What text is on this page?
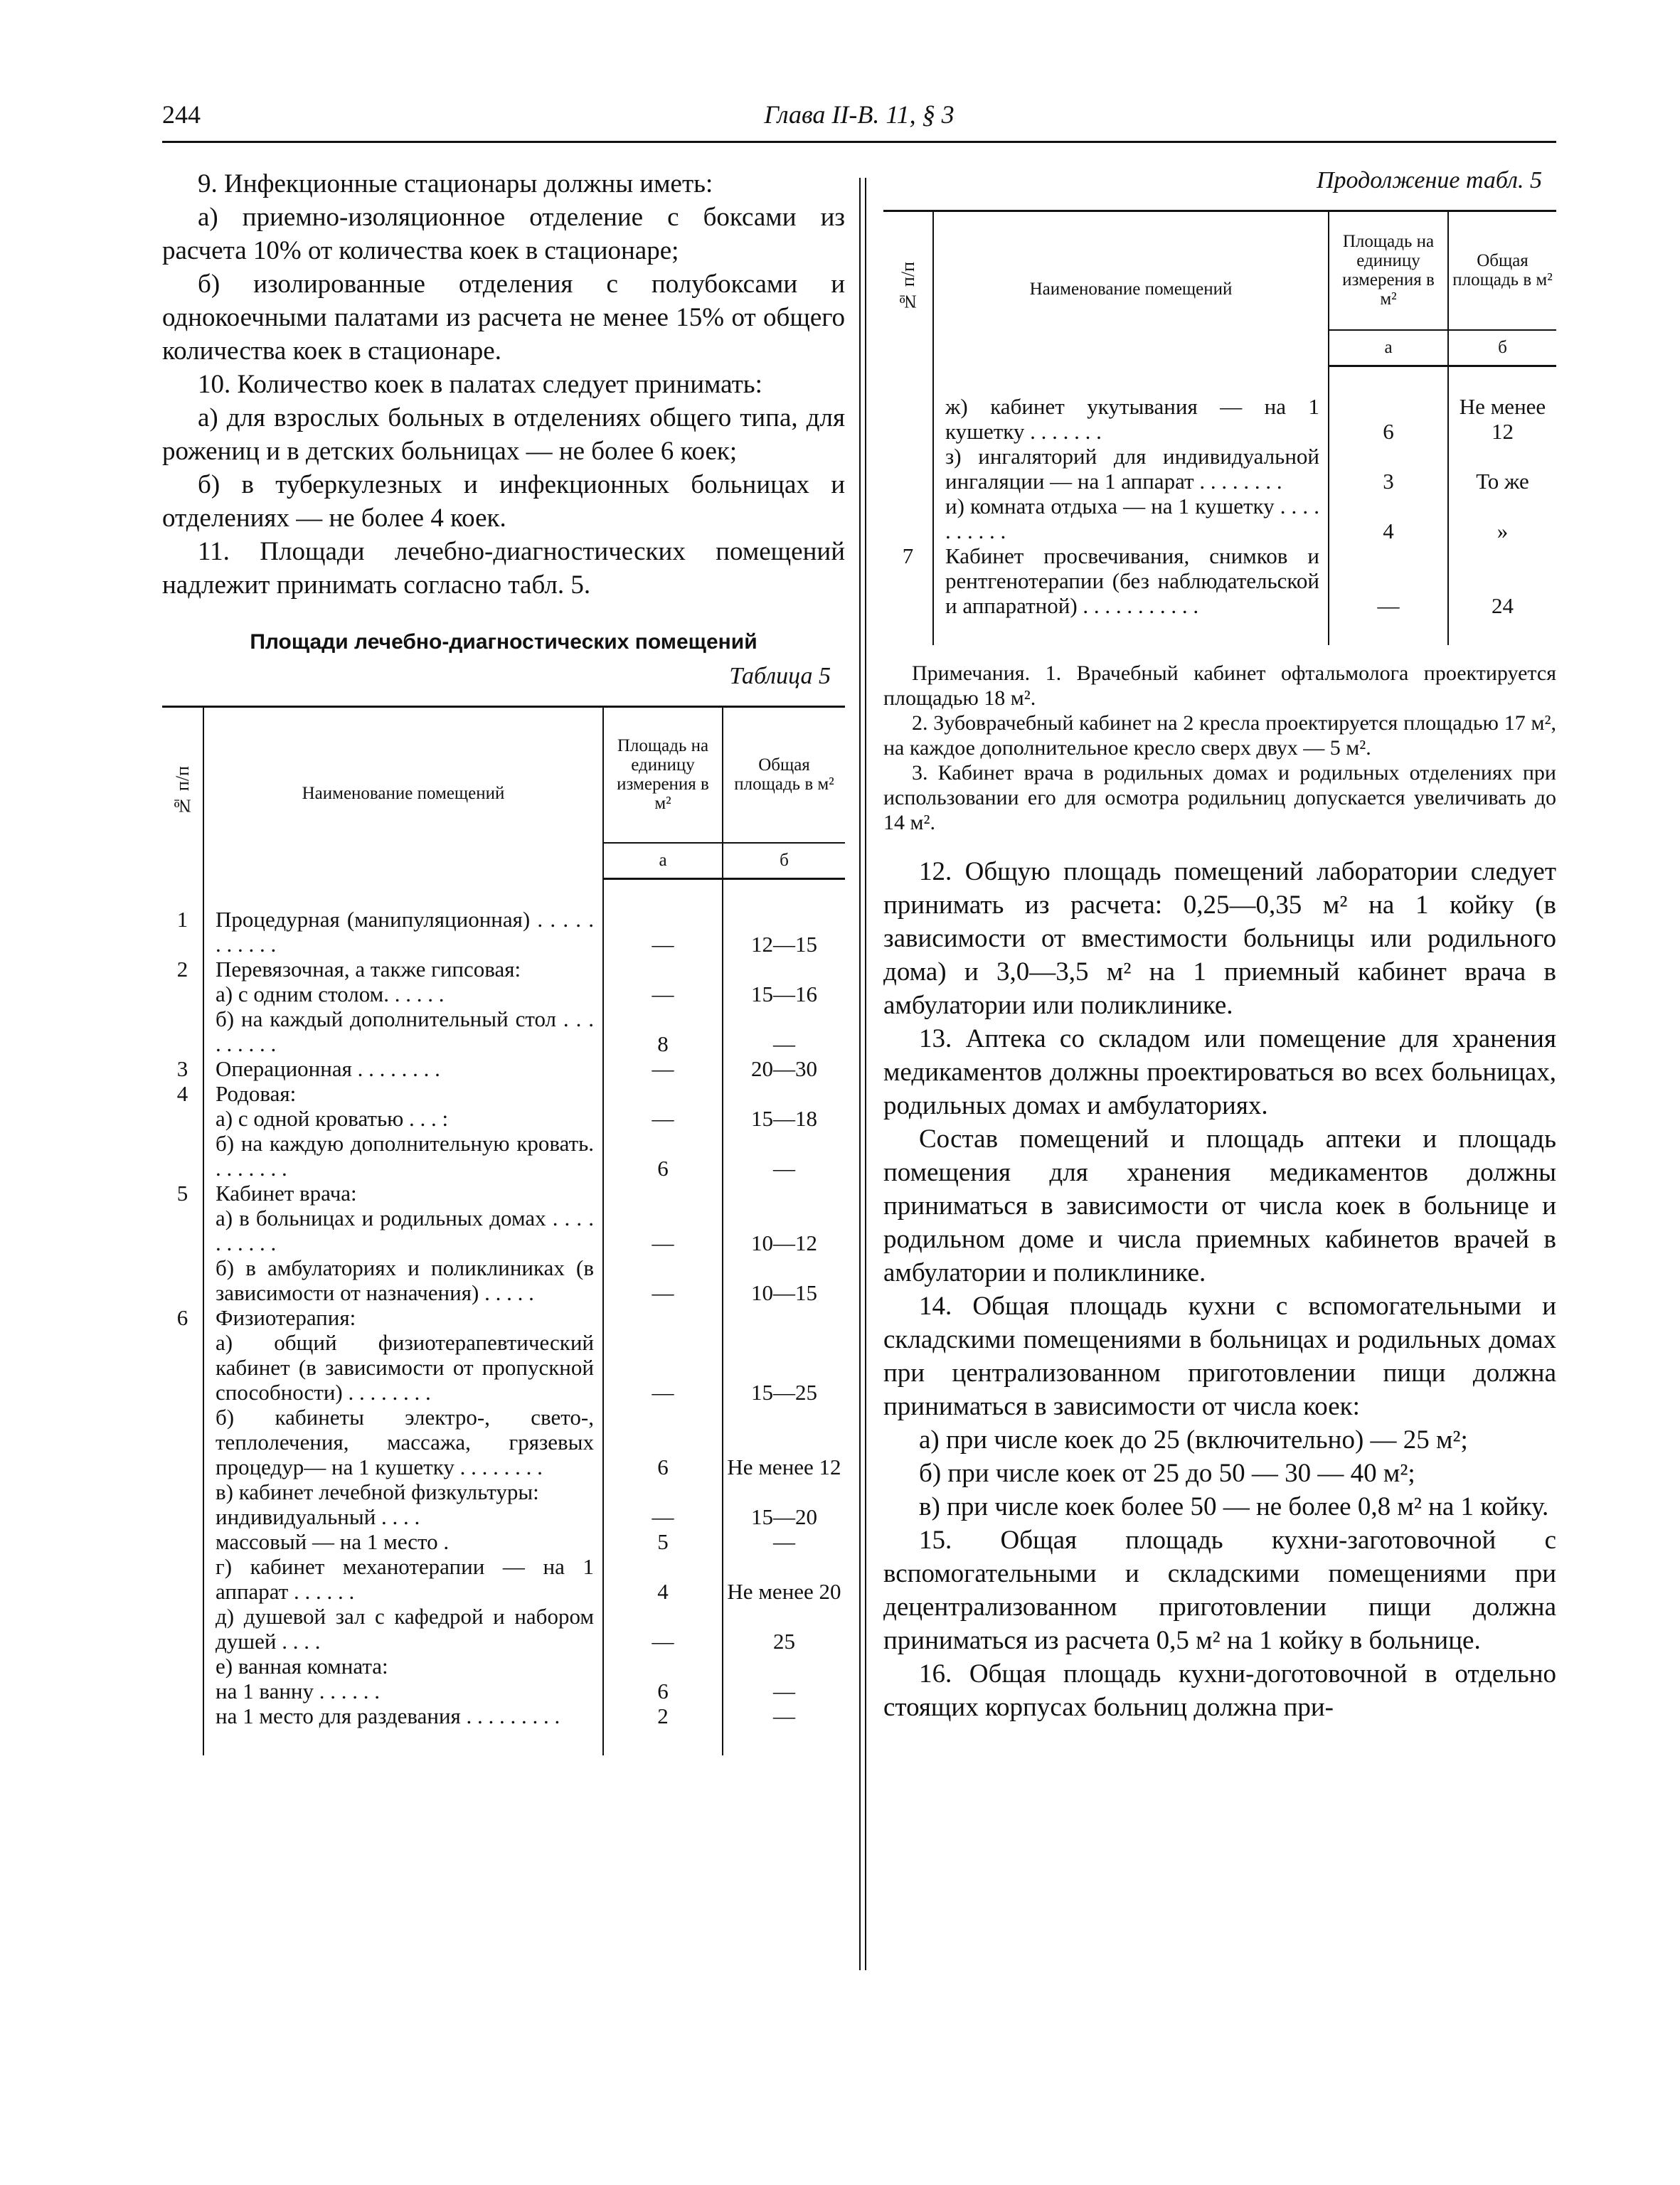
244	Глава II-В. 11, § 3

9. Инфекционные стационары должны иметь:

а) приемно-изоляционное отделение с боксами из расчета 10% от количества коек в стационаре;

б) изолированные отделения с полубоксами и однокоечными палатами из расчета не менее 15% от общего количества коек в стационаре.

10. Количество коек в палатах следует принимать:

а) для взрослых больных в отделениях общего типа, для рожениц и в детских больницах — не более 6 коек;

б) в туберкулезных и инфекционных больницах и отделениях — не более 4 коек.

11. Площади лечебно-диагностических помещений надлежит принимать согласно табл. 5.

Площади лечебно-диагностических помещений
Таблица 5
№ п/п	Наименование помещений	Площадь на единицу измерения в м²	Общая площадь в м²
		а	б

1	Процедурная (манипуляционная) . . . . . . . . . . .	—	12—15
2	Перевязочная, а также гипсовая:		
	а) с одним столом. . . . . .	—	15—16
	б) на каждый дополнительный стол . . . . . . . . .	8	—
3	Операционная . . . . . . . .	—	20—30
4	Родовая:		
	а) с одной кроватью . . . :	—	15—18
	б) на каждую дополнительную кровать. . . . . . . .	6	—
5	Кабинет врача:		
	а) в больницах и родильных домах . . . . . . . . . .	—	10—12
	б) в амбулаториях и поликлиниках (в зависимости от назначения) . . . . .	—	10—15
6	Физиотерапия:		
	а) общий физиотерапевтический кабинет (в зависимости от пропускной способности) . . . . . . . .	—	15—25
	б) кабинеты электро-, свето-, теплолечения, массажа, грязевых процедур— на 1 кушетку . . . . . . . .	6	Не менее 12
	в) кабинет лечебной физкультуры:		
	индивидуальный . . . .	—	15—20
	массовый — на 1 место .	5	—
	г) кабинет механотерапии — на 1 аппарат . . . . . .	4	Не менее 20
	д) душевой зал с кафедрой и набором душей . . . .	—	25
	е) ванная комната:		
	на 1 ванну . . . . . .	6	—
	на 1 место для раздевания . . . . . . . . .	2	—

Продолжение табл. 5
№ п/п	Наименование помещений	Площадь на единицу измерения в м²	Общая площадь в м²
		а	б

	ж) кабинет укутывания — на 1 кушетку . . . . . . .	6	Не менее 12
	з) ингаляторий для индивидуальной ингаляции — на 1 аппарат . . . . . . . .	3	То же
	и) комната отдыха — на 1 кушетку . . . . . . . . . .	4	»
7	Кабинет просвечивания, снимков и рентгенотерапии (без наблюдательской и аппаратной) . . . . . . . . . . .	—	24

Примечания. 1. Врачебный кабинет офтальмолога проектируется площадью 18 м².
2. Зубоврачебный кабинет на 2 кресла проектируется площадью 17 м², на каждое дополнительное кресло сверх двух — 5 м².
3. Кабинет врача в родильных домах и родильных отделениях при использовании его для осмотра родильниц допускается увеличивать до 14 м².

12. Общую площадь помещений лаборатории следует принимать из расчета: 0,25—0,35 м² на 1 койку (в зависимости от вместимости больницы или родильного дома) и 3,0—3,5 м² на 1 приемный кабинет врача в амбулатории или поликлинике.

13. Аптека со складом или помещение для хранения медикаментов должны проектироваться во всех больницах, родильных домах и амбулаториях.

Состав помещений и площадь аптеки и площадь помещения для хранения медикаментов должны приниматься в зависимости от числа коек в больнице и родильном доме и числа приемных кабинетов врачей в амбулатории и поликлинике.

14. Общая площадь кухни с вспомогательными и складскими помещениями в больницах и родильных домах при централизованном приготовлении пищи должна приниматься в зависимости от числа коек:

а) при числе коек до 25 (включительно) — 25 м²;

б) при числе коек от 25 до 50 — 30 — 40 м²;

в) при числе коек более 50 — не более 0,8 м² на 1 койку.

15. Общая площадь кухни-заготовочной с вспомогательными и складскими помещениями при децентрализованном приготовлении пищи должна приниматься из расчета 0,5 м² на 1 койку в больнице.

16. Общая площадь кухни-доготовочной в отдельно стоящих корпусах больниц должна при-
